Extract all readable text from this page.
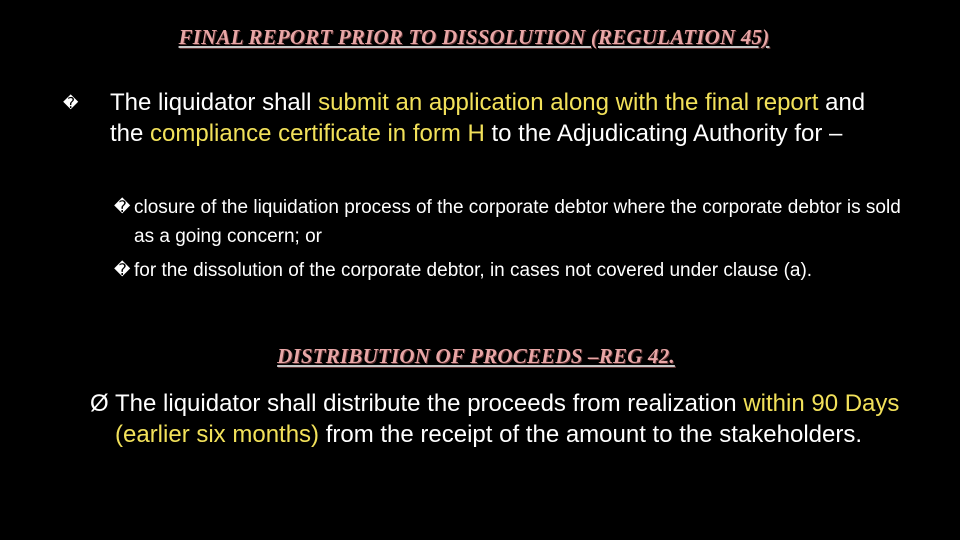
FINAL REPORT PRIOR TO DISSOLUTION (REGULATION 45)
� The liquidator shall submit an application along with the final report and the compliance certificate in form H to the Adjudicating Authority for –
� closure of the liquidation process of the corporate debtor where the corporate debtor is sold as a going concern; or
� for the dissolution of the corporate debtor, in cases not covered under clause (a).
DISTRIBUTION OF PROCEEDS –REG 42.
Ø The liquidator shall distribute the proceeds from realization within 90 Days (earlier six months) from the receipt of the amount to the stakeholders.
